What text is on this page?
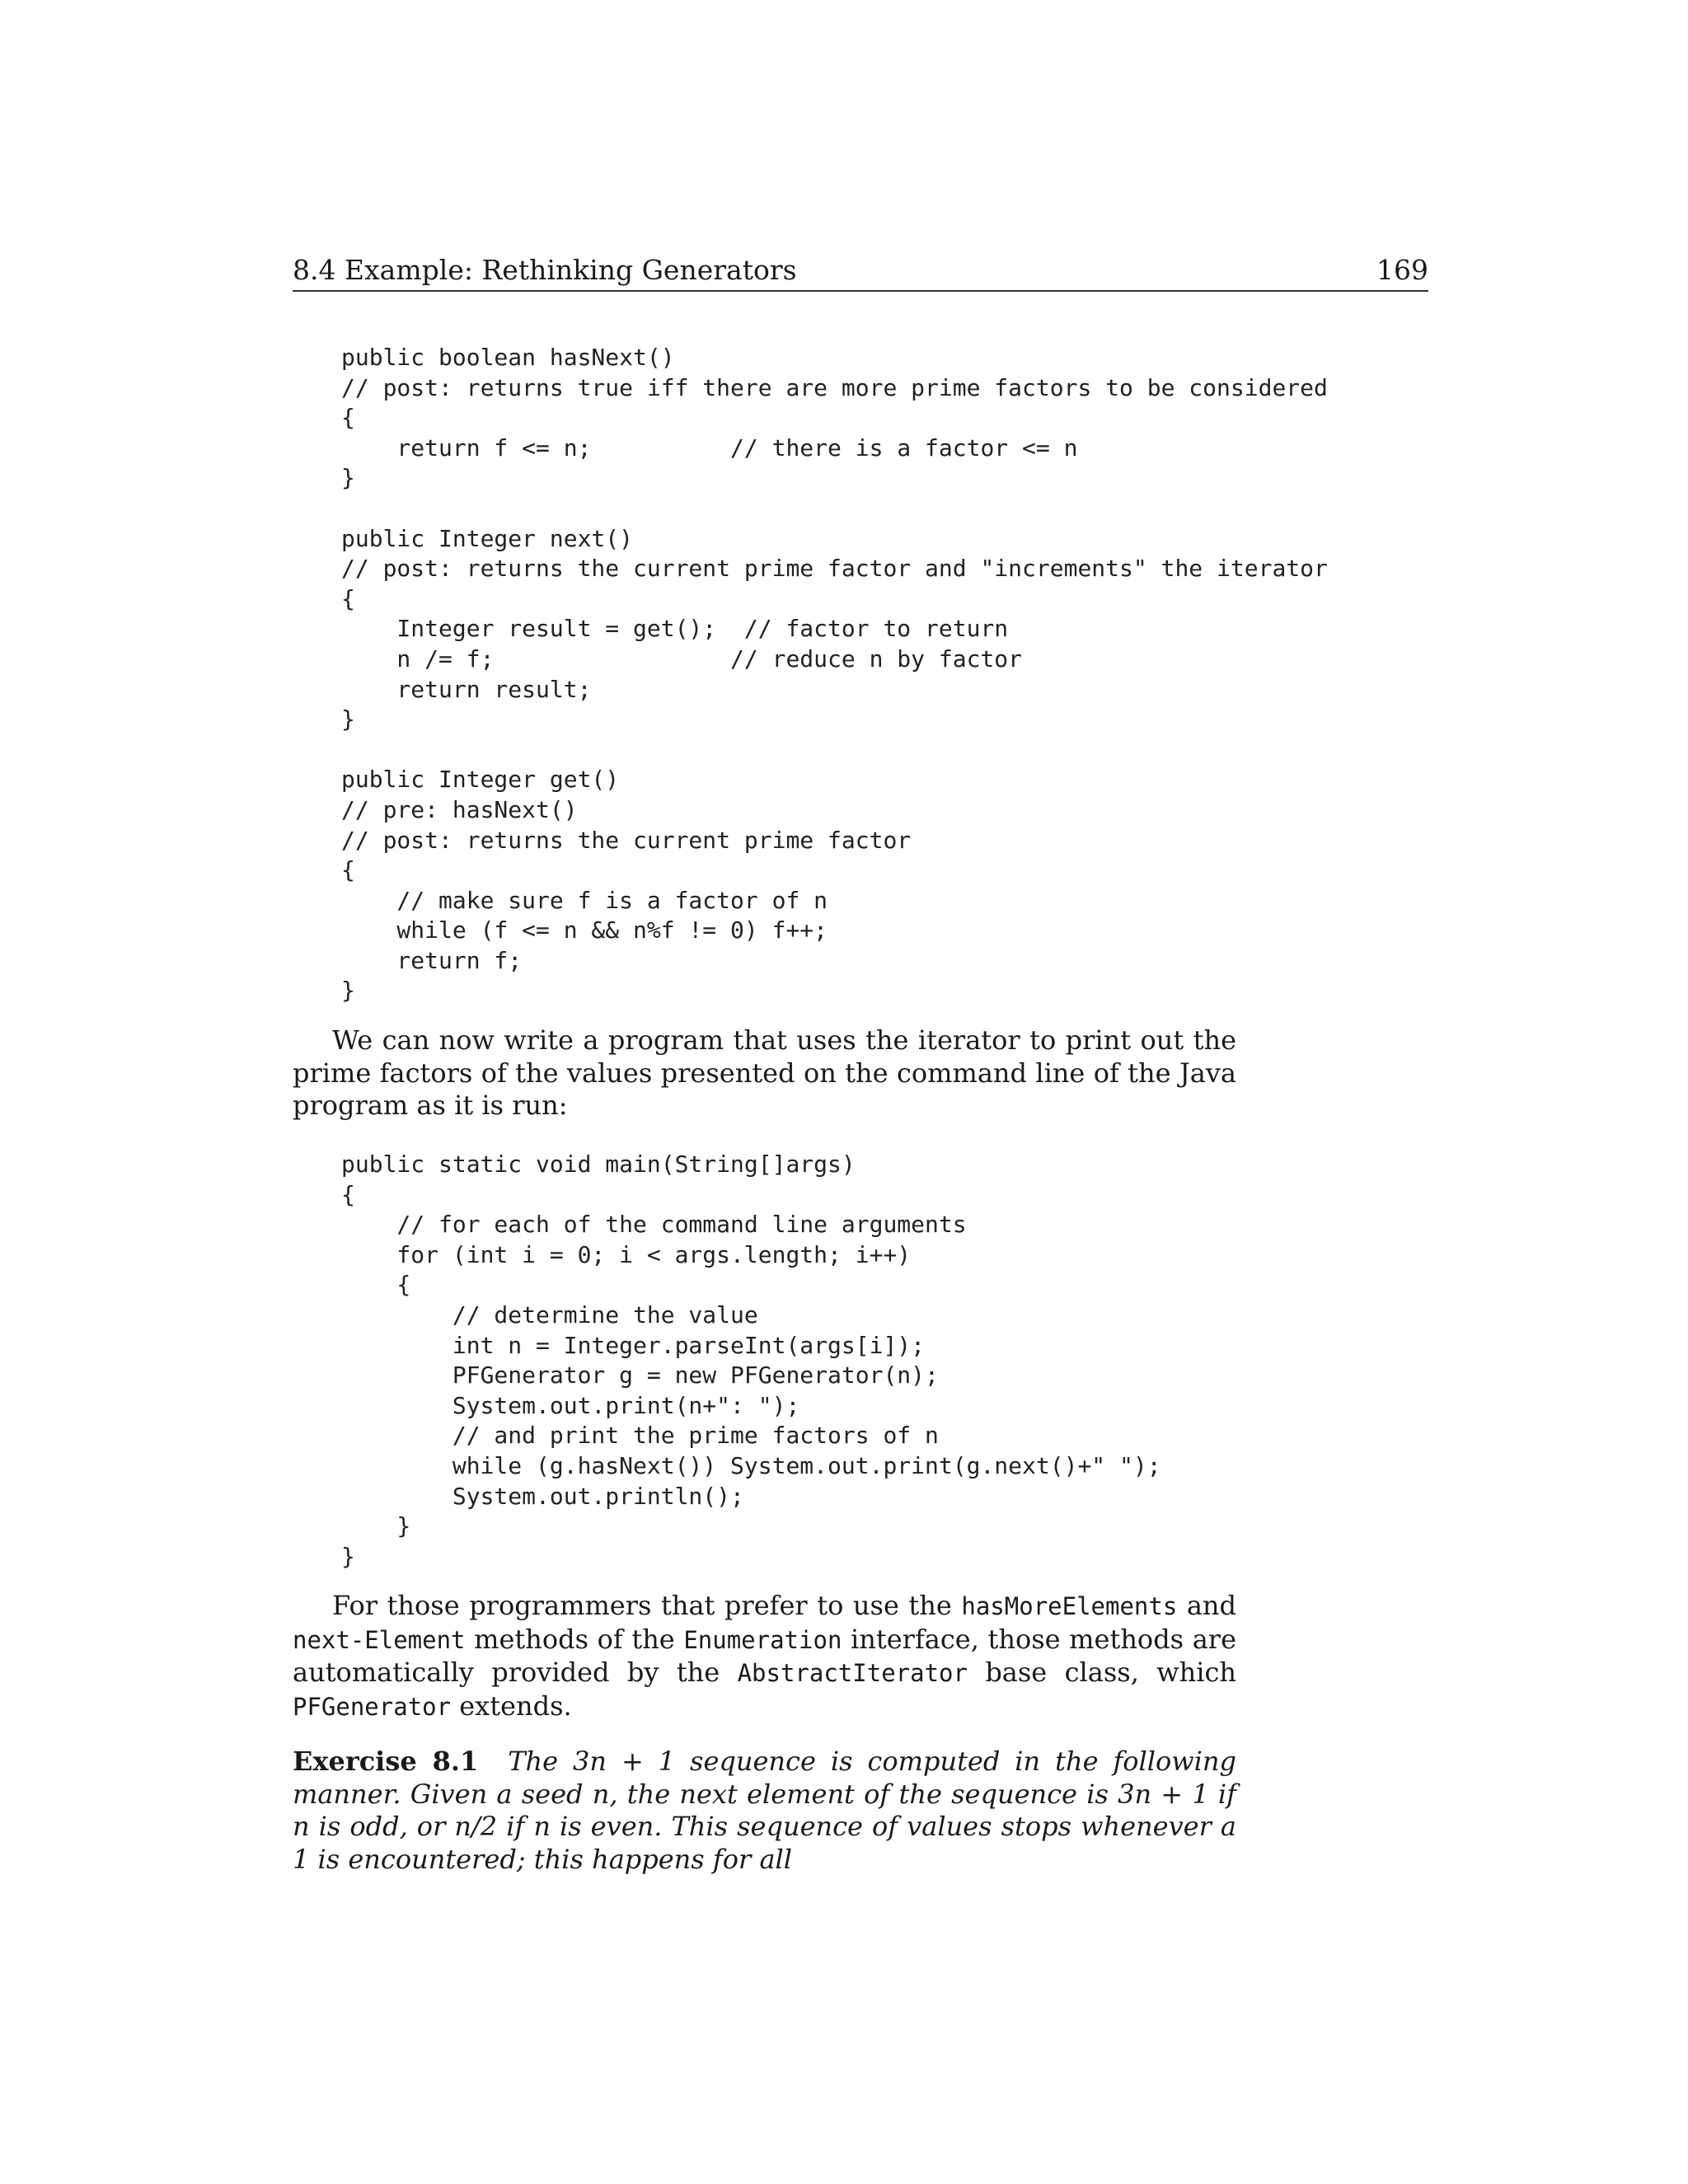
8.4 Example: Rethinking Generators	169
public boolean hasNext()
// post: returns true iff there are more prime factors to be considered
{
return f <= n;          // there is a factor <= n
}

public Integer next()
// post: returns the current prime factor and "increments" the iterator
{
Integer result = get();  // factor to return
n /= f;                 // reduce n by factor
return result;
}

public Integer get()
// pre: hasNext()
// post: returns the current prime factor
{
// make sure f is a factor of n
while (f <= n && n%f != 0) f++;
return f;
}

We can now write a program that uses the iterator to print out the prime factors of the values presented on the command line of the Java program as it is run:

public static void main(String[]args)
{
// for each of the command line arguments
for (int i = 0; i < args.length; i++)
{
// determine the value
int n = Integer.parseInt(args[i]);
PFGenerator g = new PFGenerator(n);
System.out.print(n+": ");
// and print the prime factors of n
while (g.hasNext()) System.out.print(g.next()+" ");
System.out.println();
}
}

For those programmers that prefer to use the hasMoreElements and next-Element methods of the Enumeration interface, those methods are automatically provided by the AbstractIterator base class, which PFGenerator extends.

Exercise 8.1 The 3n + 1 sequence is computed in the following manner. Given a seed n, the next element of the sequence is 3n + 1 if n is odd, or n/2 if n is even. This sequence of values stops whenever a 1 is encountered; this happens for all
